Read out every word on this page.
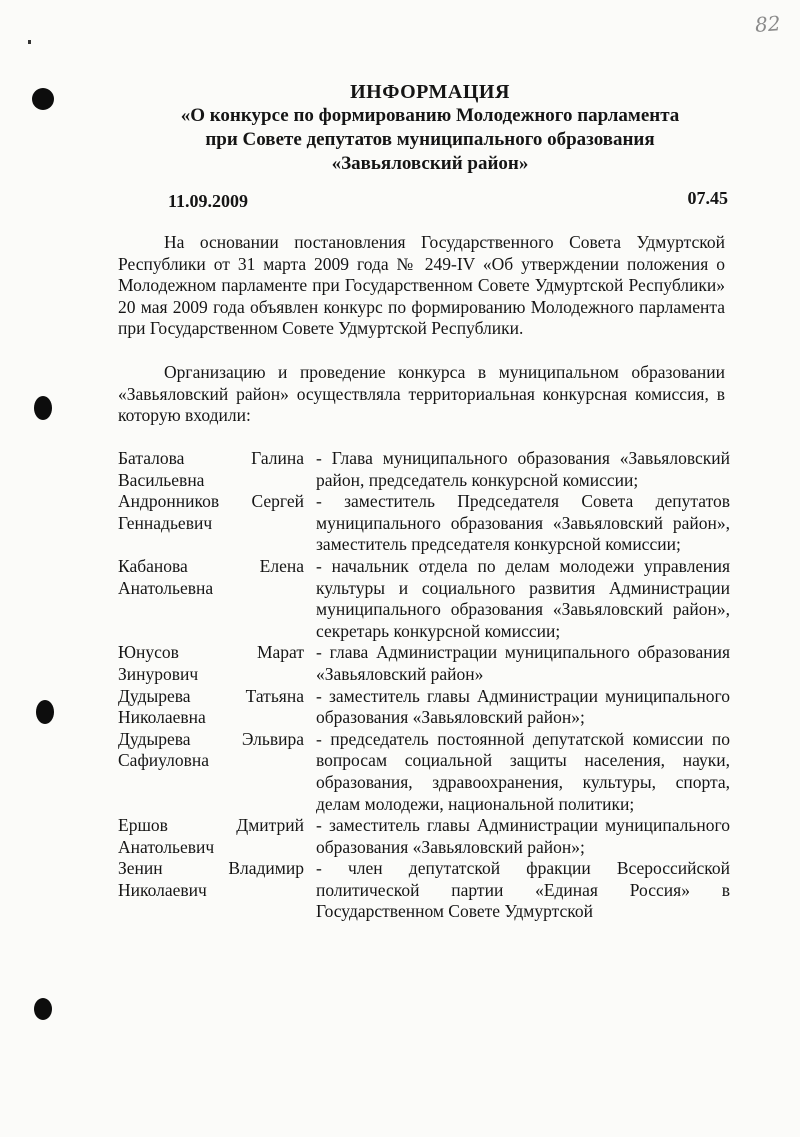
82
ИНФОРМАЦИЯ
«О конкурсе по формированию Молодежного парламента
при Совете депутатов муниципального образования
«Завьяловский район»
11.09.2009	07.45
На основании постановления Государственного Совета Удмуртской Республики от 31 марта 2009 года № 249-IV «Об утверждении положения о Молодежном парламенте при Государственном Совете Удмуртской Республики» 20 мая 2009 года объявлен конкурс по формированию Молодежного парламента при Государственном Совете Удмуртской Республики.
Организацию и проведение конкурса в муниципальном образовании «Завьяловский район» осуществляла территориальная конкурсная комиссия, в которую входили:
Баталова	Галина
Васильевна
- Глава муниципального образования «Завьяловский район, председатель конкурсной комиссии;
Андронников Сергей
Геннадьевич
- заместитель Председателя Совета депутатов муниципального образования «Завьяловский район», заместитель председателя конкурсной комиссии;
Кабанова	Елена
Анатольевна
- начальник отдела по делам молодежи управления культуры и социального развития Администрации муниципального образования «Завьяловский район», секретарь конкурсной комиссии;
Юнусов	Марат
Зинурович
- глава Администрации муниципального образования «Завьяловский район»
Дудырева	Татьяна
Николаевна
- заместитель главы Администрации муниципального образования «Завьяловский район»;
Дудырева	Эльвира
Сафиуловна
- председатель постоянной депутатской комиссии по вопросам социальной защиты населения, науки, образования, здравоохранения, культуры, спорта, делам молодежи, национальной политики;
Ершов	Дмитрий
Анатольевич
- заместитель главы Администрации муниципального образования «Завьяловский район»;
Зенин	Владимир
Николаевич
- член депутатской фракции Всероссийской политической партии «Единая Россия» в Государственном Совете Удмуртской
